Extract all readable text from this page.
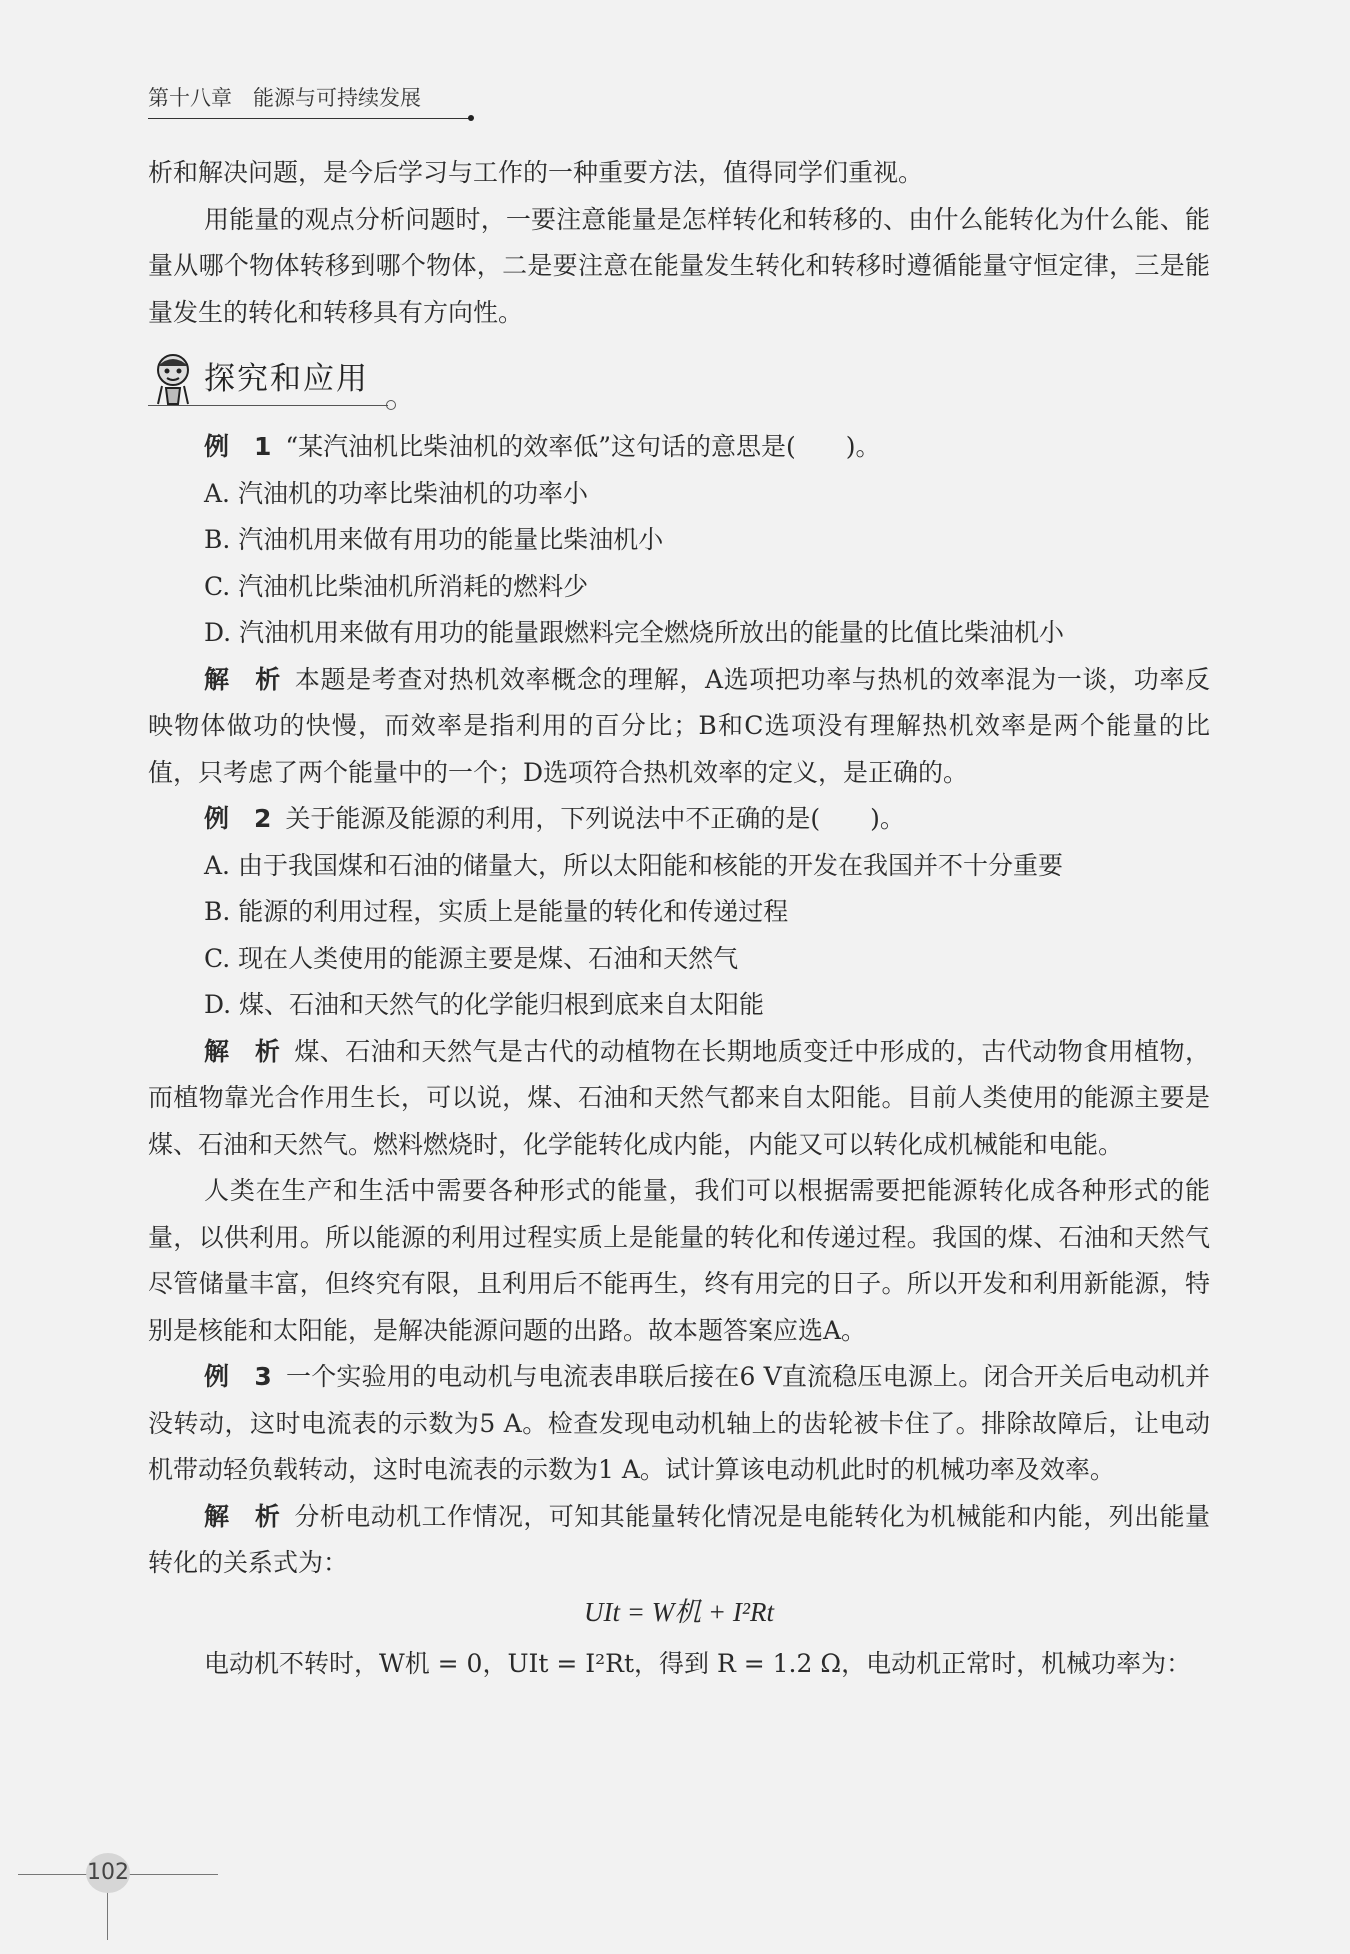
第十八章　能源与可持续发展

析和解决问题，是今后学习与工作的一种重要方法，值得同学们重视。

用能量的观点分析问题时，一要注意能量是怎样转化和转移的、由什么能转化为什么能、能量从哪个物体转移到哪个物体，二是要注意在能量发生转化和转移时遵循能量守恒定律，三是能量发生的转化和转移具有方向性。

探究和应用

例　1 “某汽油机比柴油机的效率低”这句话的意思是(　　)。

A. 汽油机的功率比柴油机的功率小

B. 汽油机用来做有用功的能量比柴油机小

C. 汽油机比柴油机所消耗的燃料少

D. 汽油机用来做有用功的能量跟燃料完全燃烧所放出的能量的比值比柴油机小

解　析 本题是考查对热机效率概念的理解，A选项把功率与热机的效率混为一谈，功率反映物体做功的快慢，而效率是指利用的百分比；B和C选项没有理解热机效率是两个能量的比值，只考虑了两个能量中的一个；D选项符合热机效率的定义，是正确的。

例　2 关于能源及能源的利用，下列说法中不正确的是(　　)。

A. 由于我国煤和石油的储量大，所以太阳能和核能的开发在我国并不十分重要

B. 能源的利用过程，实质上是能量的转化和传递过程

C. 现在人类使用的能源主要是煤、石油和天然气

D. 煤、石油和天然气的化学能归根到底来自太阳能

解　析 煤、石油和天然气是古代的动植物在长期地质变迁中形成的，古代动物食用植物，而植物靠光合作用生长，可以说，煤、石油和天然气都来自太阳能。目前人类使用的能源主要是煤、石油和天然气。燃料燃烧时，化学能转化成内能，内能又可以转化成机械能和电能。

人类在生产和生活中需要各种形式的能量，我们可以根据需要把能源转化成各种形式的能量，以供利用。所以能源的利用过程实质上是能量的转化和传递过程。我国的煤、石油和天然气尽管储量丰富，但终究有限，且利用后不能再生，终有用完的日子。所以开发和利用新能源，特别是核能和太阳能，是解决能源问题的出路。故本题答案应选A。

例　3 一个实验用的电动机与电流表串联后接在6 V直流稳压电源上。闭合开关后电动机并没转动，这时电流表的示数为5 A。检查发现电动机轴上的齿轮被卡住了。排除故障后，让电动机带动轻负载转动，这时电流表的示数为1 A。试计算该电动机此时的机械功率及效率。

解　析 分析电动机工作情况，可知其能量转化情况是电能转化为机械能和内能，列出能量转化的关系式为：

UIt = W机 + I²Rt

电动机不转时，W机 = 0，UIt = I²Rt，得到 R = 1.2 Ω，电动机正常时，机械功率为：

102
